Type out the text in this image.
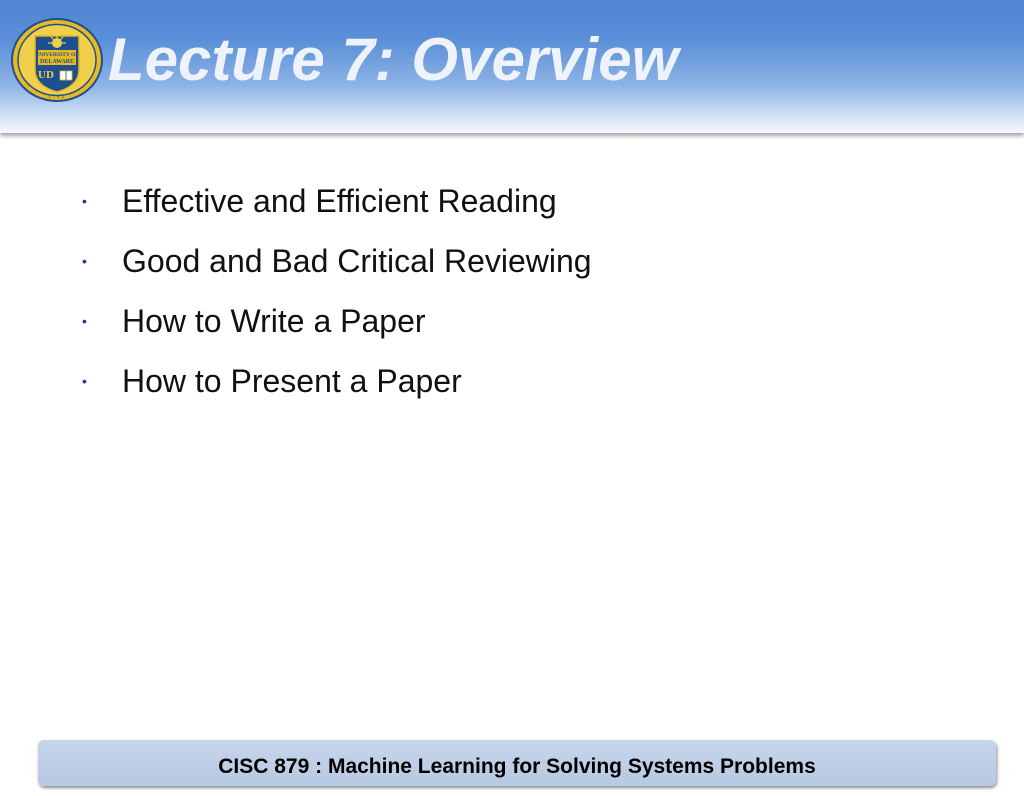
UNIVERSITY OF
DELAWARE
UD
1743
Lecture 7: Overview
• Effective and Efficient Reading
• Good and Bad Critical Reviewing
• How to Write a Paper
• How to Present a Paper
CISC 879 : Machine Learning for Solving Systems Problems
